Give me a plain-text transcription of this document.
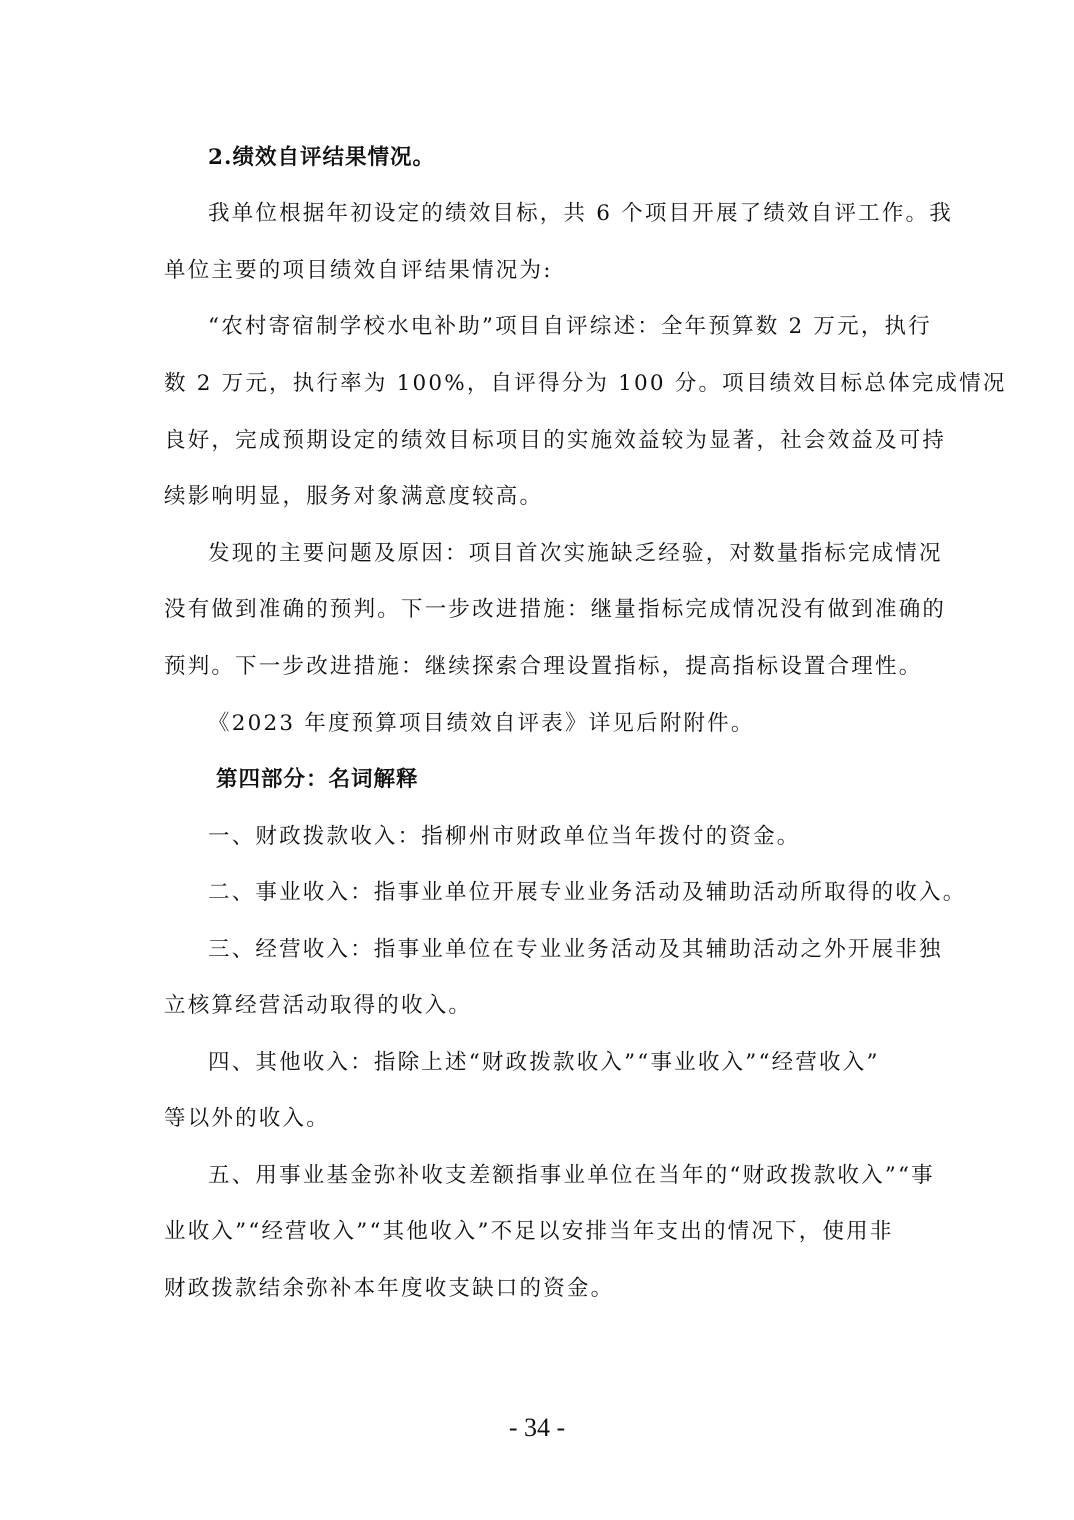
2.绩效自评结果情况。
我单位根据年初设定的绩效目标，共 6 个项目开展了绩效自评工作。我
单位主要的项目绩效自评结果情况为:
“农村寄宿制学校水电补助”项目自评综述：全年预算数 2 万元，执行
数 2 万元，执行率为 100%，自评得分为 100 分。项目绩效目标总体完成情况
良好，完成预期设定的绩效目标项目的实施效益较为显著，社会效益及可持
续影响明显，服务对象满意度较高。
发现的主要问题及原因：项目首次实施缺乏经验，对数量指标完成情况
没有做到准确的预判。下一步改进措施：继量指标完成情况没有做到准确的
预判。下一步改进措施：继续探索合理设置指标，提高指标设置合理性。
《2023 年度预算项目绩效自评表》详见后附附件。
第四部分：名词解释
一、财政拨款收入：指柳州市财政单位当年拨付的资金。
二、事业收入：指事业单位开展专业业务活动及辅助活动所取得的收入。
三、经营收入：指事业单位在专业业务活动及其辅助活动之外开展非独
立核算经营活动取得的收入。
四、其他收入：指除上述“财政拨款收入”“事业收入”“经营收入”
等以外的收入。
五、用事业基金弥补收支差额指事业单位在当年的“财政拨款收入”“事
业收入”“经营收入”“其他收入”不足以安排当年支出的情况下，使用非
财政拨款结余弥补本年度收支缺口的资金。
- 34 -
